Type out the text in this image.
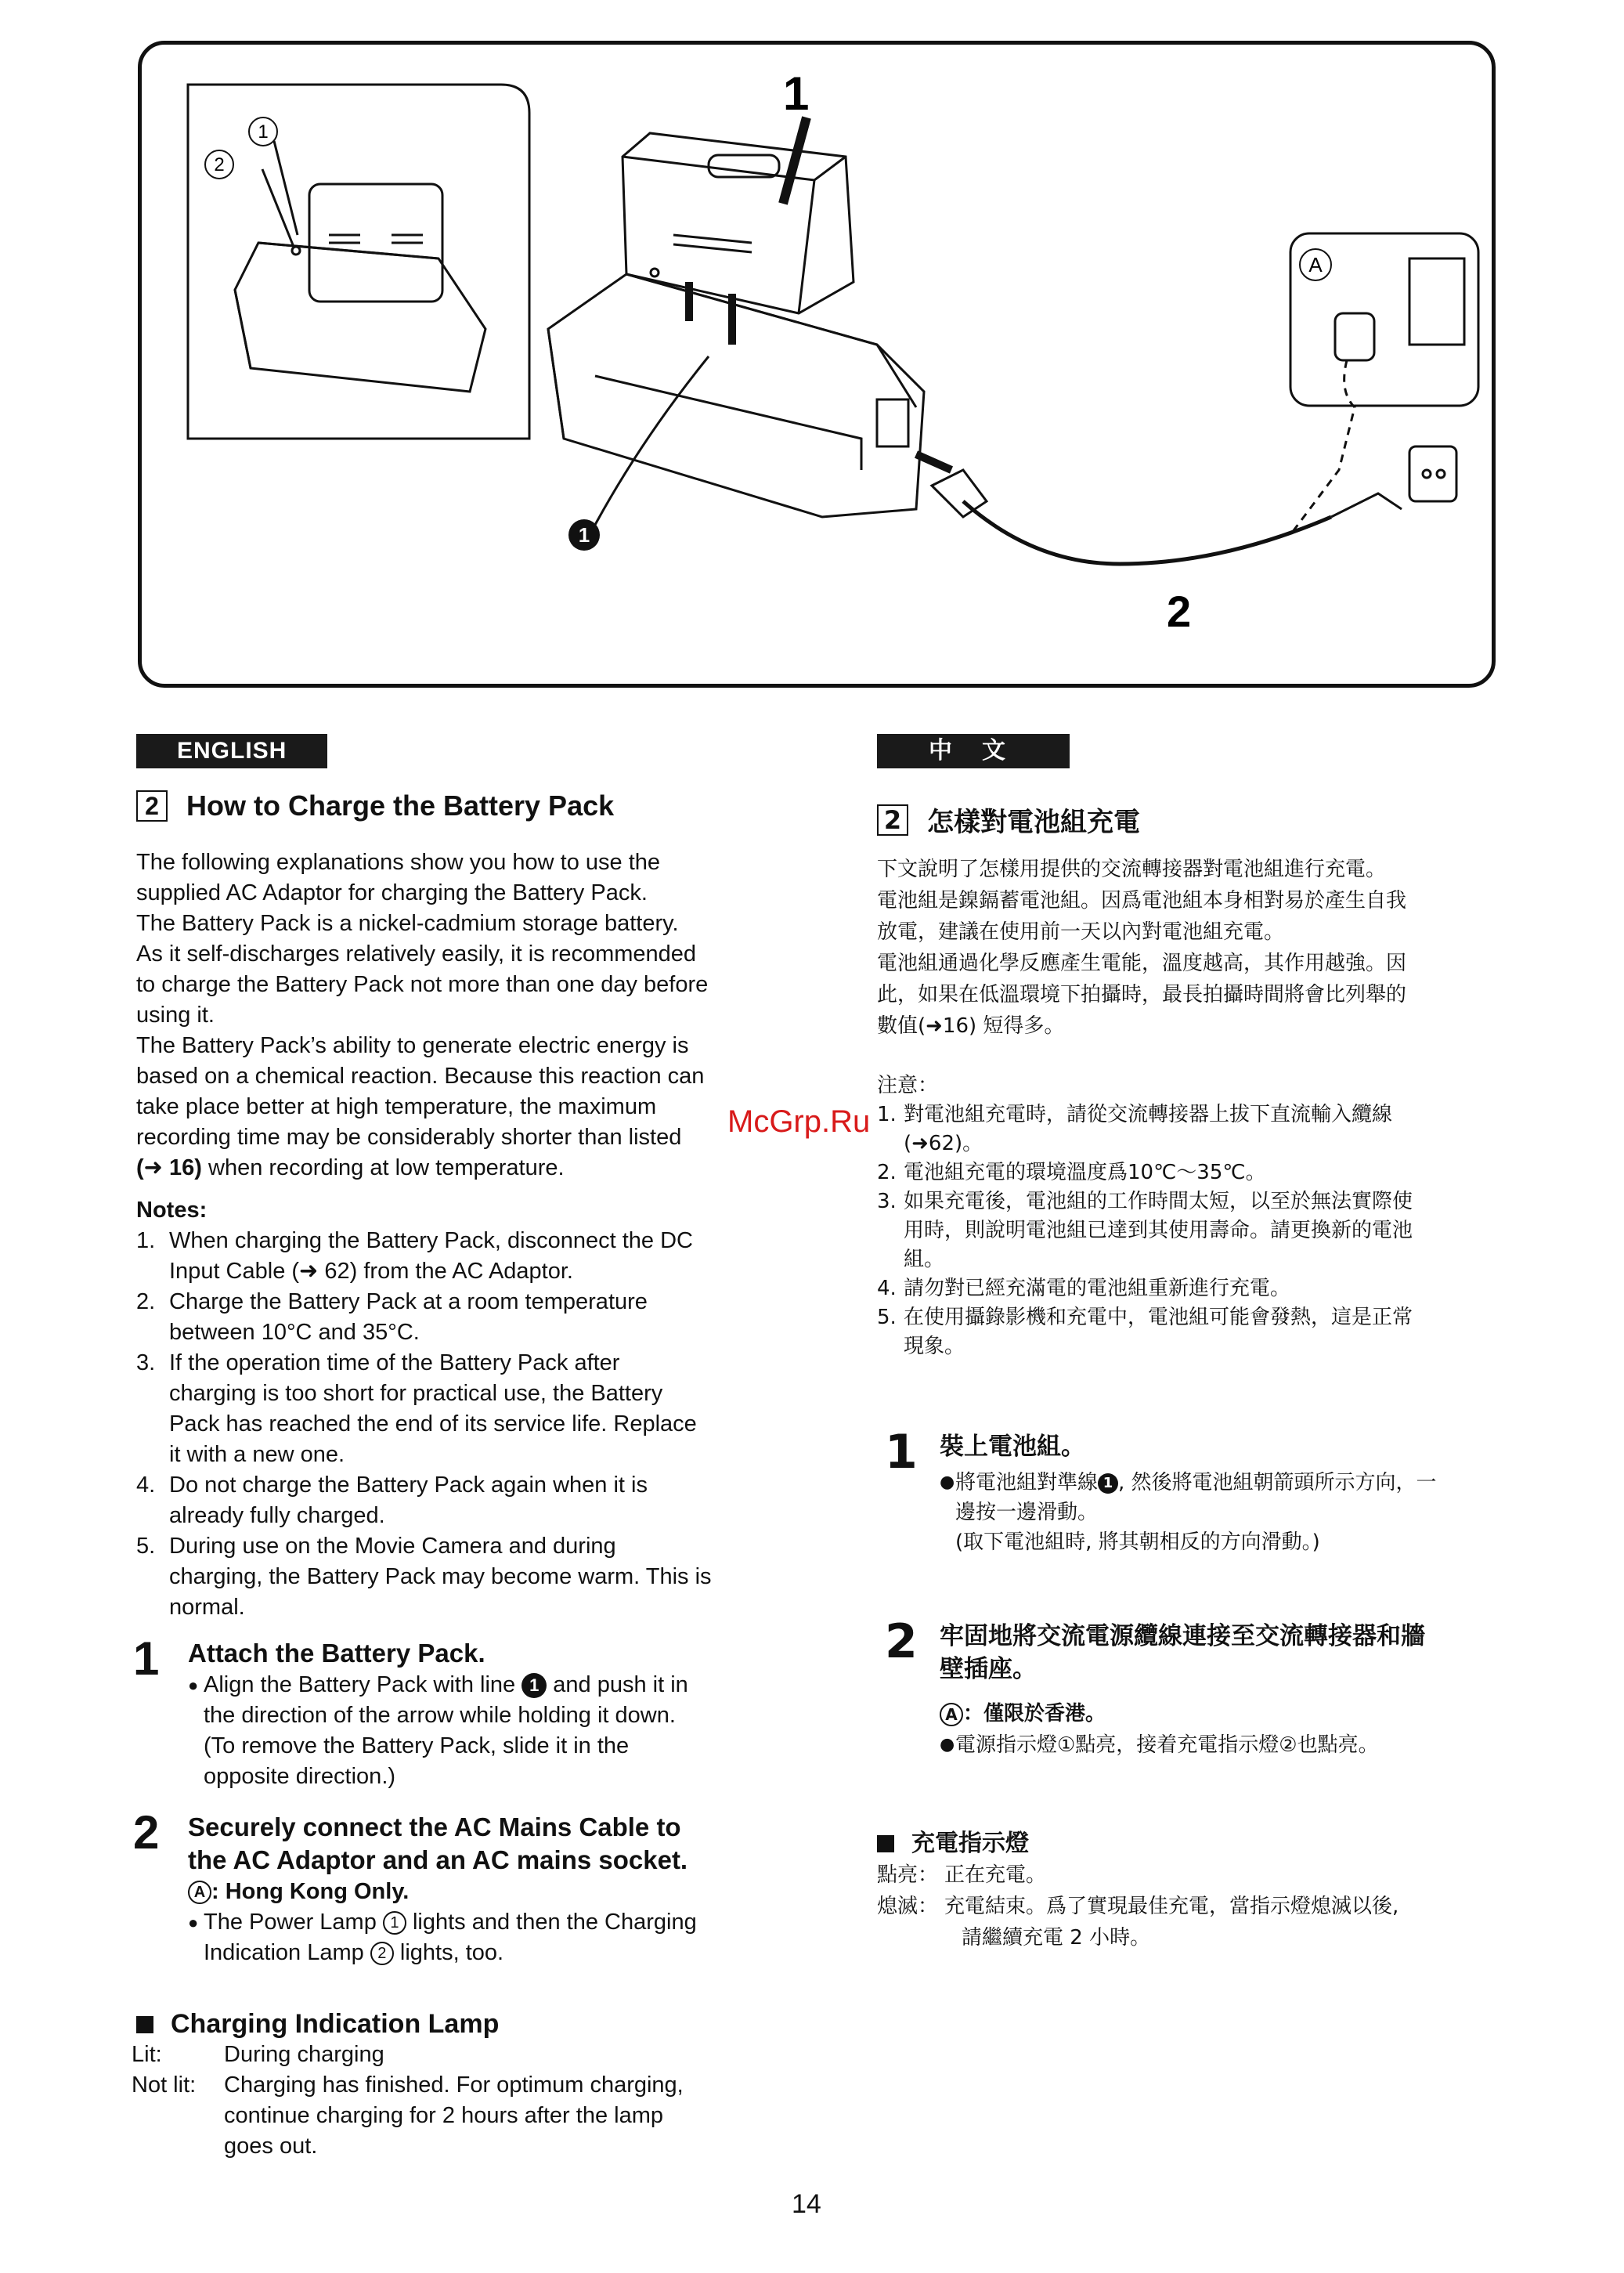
1
2
1
2
1
A
ENGLISH
2 How to Charge the Battery Pack

The following explanations show you how to use the

supplied AC Adaptor for charging the Battery Pack.

The Battery Pack is a nickel-cadmium storage battery.

As it self-discharges relatively easily, it is recommended

to charge the Battery Pack not more than one day before

using it.

The Battery Pack’s ability to generate electric energy is

based on a chemical reaction. Because this reaction can

take place better at high temperature, the maximum

recording time may be considerably shorter than listed

(➜ 16) when recording at low temperature.

Notes:

1. When charging the Battery Pack, disconnect the DC

Input Cable (➜ 62) from the AC Adaptor.

2. Charge the Battery Pack at a room temperature

between 10°C and 35°C.

3. If the operation time of the Battery Pack after

charging is too short for practical use, the Battery

Pack has reached the end of its service life. Replace

it with a new one.

4. Do not charge the Battery Pack again when it is

already fully charged.

5. During use on the Movie Camera and during

charging, the Battery Pack may become warm. This is

normal.

1	Attach the Battery Pack.
● Align the Battery Pack with line 1 and push it in

the direction of the arrow while holding it down.

(To remove the Battery Pack, slide it in the

opposite direction.)

2	Securely connect the AC Mains Cable to
the AC Adaptor and an AC mains socket.

A : Hong Kong Only.

● The Power Lamp 1 lights and then the Charging

Indication Lamp 2 lights, too.

Charging Indication Lamp
Lit:	During charging
Not lit:	Charging has finished. For optimum charging,

continue charging for 2 hours after the lamp

goes out.

中文
2 怎樣對電池組充電

下文說明了怎樣用提供的交流轉接器對電池組進行充電。

電池組是鎳鎘蓄電池組。因爲電池組本身相對易於產生自我

放電，建議在使用前一天以內對電池組充電。

電池組通過化學反應產生電能，溫度越高，其作用越強。因

此，如果在低溫環境下拍攝時，最長拍攝時間將會比列舉的

數值(➜16) 短得多。

注意：

1. 對電池組充電時，請從交流轉接器上拔下直流輸入纜線

(➜62)。

2. 電池組充電的環境溫度爲10℃～35℃。

3. 如果充電後，電池組的工作時間太短，以至於無法實際使

用時，則說明電池組已達到其使用壽命。請更換新的電池

組。

4. 請勿對已經充滿電的電池組重新進行充電。

5. 在使用攝錄影機和充電中，電池組可能會發熱，這是正常

現象。

1 裝上電池組。
● 將電池組對準線 1 , 然後將電池組朝箭頭所示方向，一

邊按一邊滑動。

(取下電池組時, 將其朝相反的方向滑動。)

2 牢固地將交流電源纜線連接至交流轉接器和牆
壁插座。

A ：僅限於香港。

● 電源指示燈①點亮，接着充電指示燈②也點亮。
充電指示燈
點亮： 正在充電。
熄滅： 充電結束。爲了實現最佳充電，當指示燈熄滅以後,

請繼續充電 2 小時。

McGrp.Ru
14
